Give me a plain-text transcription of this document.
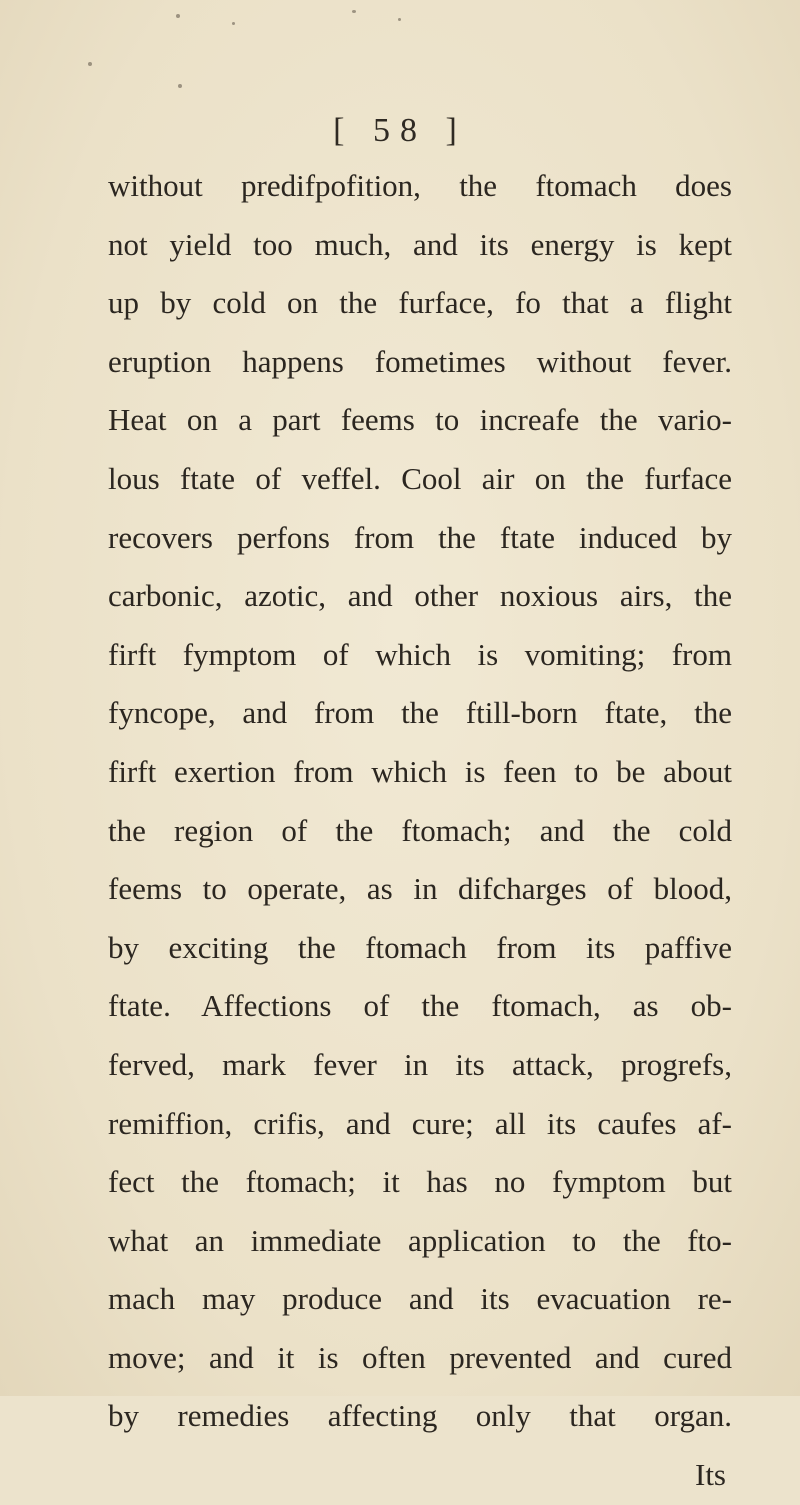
[ 58 ]
without predifpofition, the ftomach does
not yield too much, and its energy is kept
up by cold on the furface, fo that a flight
eruption happens fometimes without fever.
Heat on a part feems to increafe the vario-
lous ftate of veffel. Cool air on the furface
recovers perfons from the ftate induced by
carbonic, azotic, and other noxious airs, the
firft fymptom of which is vomiting; from
fyncope, and from the ftill-born ftate, the
firft exertion from which is feen to be about
the region of the ftomach; and the cold
feems to operate, as in difcharges of blood,
by exciting the ftomach from its paffive
ftate. Affections of the ftomach, as ob-
ferved, mark fever in its attack, progrefs,
remiffion, crifis, and cure; all its caufes af-
fect the ftomach; it has no fymptom but
what an immediate application to the fto-
mach may produce and its evacuation re-
move; and it is often prevented and cured
by remedies affecting only that organ.
Its
